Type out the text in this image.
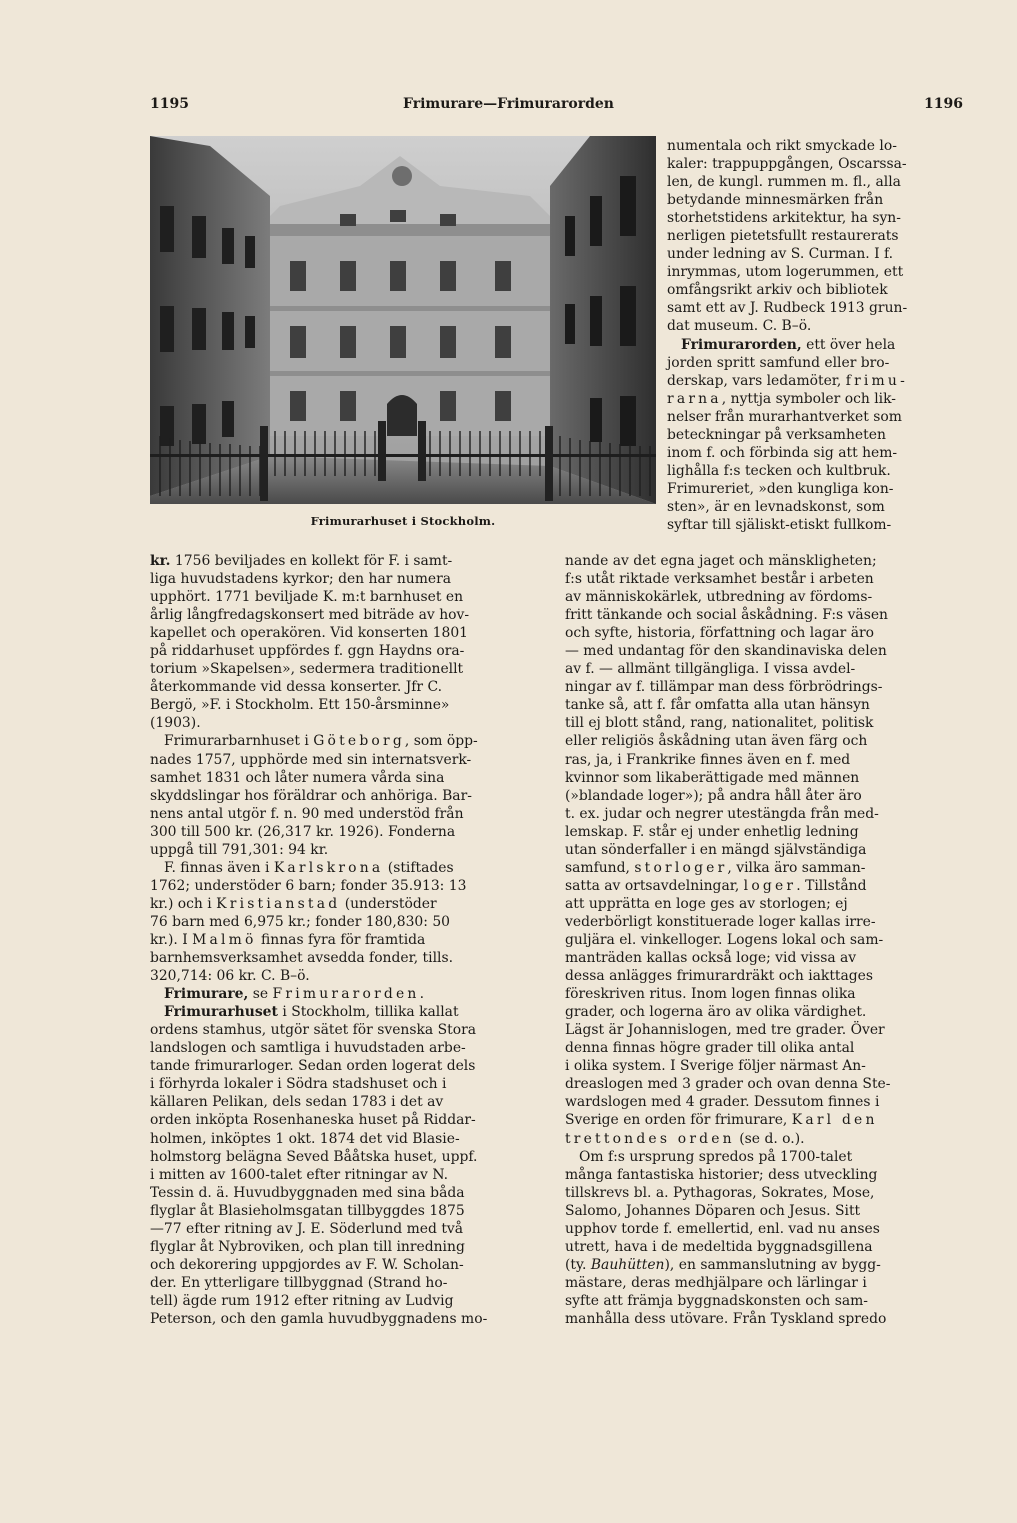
1195	Frimurare—Frimurarorden	1196
Frimurarhuset i Stockholm.

numentala och rikt smyckade lo-
kaler: trappuppgången, Oscarssa-
len, de kungl. rummen m. fl., alla
betydande minnesmärken från
storhetstidens arkitektur, ha syn-
nerligen pietetsfullt restaurerats
under ledning av S. Curman. I f.
inrymmas, utom logerummen, ett
omfångsrikt arkiv och bibliotek
samt ett av J. Rudbeck 1913 grun-
dat museum. C. B–ö.

Frimurarorden, ett över hela
jorden spritt samfund eller bro-
derskap, vars ledamöter, frimu-
rarna, nyttja symboler och lik-
nelser från murarhantverket som
beteckningar på verksamheten
inom f. och förbinda sig att hem-
lighålla f:s tecken och kultbruk.
Frimureriet, »den kungliga kon-
sten», är en levnadskonst, som
syftar till själiskt-etiskt fullkom-

kr. 1756 beviljades en kollekt för F. i samt-
liga huvudstadens kyrkor; den har numera
upphört. 1771 beviljade K. m:t barnhuset en
årlig långfredagskonsert med biträde av hov-
kapellet och operakören. Vid konserten 1801
på riddarhuset uppfördes f. ggn Haydns ora-
torium »Skapelsen», sedermera traditionellt
återkommande vid dessa konserter. Jfr C.
Bergö, »F. i Stockholm. Ett 150-årsminne»
(1903).

Frimurarbarnhuset i Göteborg, som öpp-
nades 1757, upphörde med sin internatsverk-
samhet 1831 och låter numera vårda sina
skyddslingar hos föräldrar och anhöriga. Bar-
nens antal utgör f. n. 90 med understöd från
300 till 500 kr. (26,317 kr. 1926). Fonderna
uppgå till 791,301: 94 kr.

F. finnas även i Karlskrona (stiftades
1762; understöder 6 barn; fonder 35.913: 13
kr.) och i Kristianstad (understöder
76 barn med 6,975 kr.; fonder 180,830: 50
kr.). I Malmö finnas fyra för framtida
barnhemsverksamhet avsedda fonder, tills.
320,714: 06 kr. C. B–ö.

Frimurare, se Frimurarorden.

Frimurarhuset i Stockholm, tillika kallat
ordens stamhus, utgör sätet för svenska Stora
landslogen och samtliga i huvudstaden arbe-
tande frimurarloger. Sedan orden logerat dels
i förhyrda lokaler i Södra stadshuset och i
källaren Pelikan, dels sedan 1783 i det av
orden inköpta Rosenhaneska huset på Riddar-
holmen, inköptes 1 okt. 1874 det vid Blasie-
holmstorg belägna Seved Bååtska huset, uppf.
i mitten av 1600-talet efter ritningar av N.
Tessin d. ä. Huvudbyggnaden med sina båda
flyglar åt Blasieholmsgatan tillbyggdes 1875
—77 efter ritning av J. E. Söderlund med två
flyglar åt Nybroviken, och plan till inredning
och dekorering uppgjordes av F. W. Scholan-
der. En ytterligare tillbyggnad (Strand ho-
tell) ägde rum 1912 efter ritning av Ludvig
Peterson, och den gamla huvudbyggnadens mo-

nande av det egna jaget och mänskligheten;
f:s utåt riktade verksamhet består i arbeten
av människokärlek, utbredning av fördoms-
fritt tänkande och social åskådning. F:s väsen
och syfte, historia, författning och lagar äro
— med undantag för den skandinaviska delen
av f. — allmänt tillgängliga. I vissa avdel-
ningar av f. tillämpar man dess förbrödrings-
tanke så, att f. får omfatta alla utan hänsyn
till ej blott stånd, rang, nationalitet, politisk
eller religiös åskådning utan även färg och
ras, ja, i Frankrike finnes även en f. med
kvinnor som likaberättigade med männen
(»blandade loger»); på andra håll åter äro
t. ex. judar och negrer utestängda från med-
lemskap. F. står ej under enhetlig ledning
utan sönderfaller i en mängd självständiga
samfund, storloger, vilka äro samman-
satta av ortsavdelningar, loger. Tillstånd
att upprätta en loge ges av storlogen; ej
vederbörligt konstituerade loger kallas irre-
guljära el. vinkelloger. Logens lokal och sam-
manträden kallas också loge; vid vissa av
dessa anlägges frimurardräkt och iakttages
föreskriven ritus. Inom logen finnas olika
grader, och logerna äro av olika värdighet.
Lägst är Johannislogen, med tre grader. Över
denna finnas högre grader till olika antal
i olika system. I Sverige följer närmast An-
dreaslogen med 3 grader och ovan denna Ste-
wardslogen med 4 grader. Dessutom finnes i
Sverige en orden för frimurare, Karl den
trettondes orden (se d. o.).

Om f:s ursprung spredos på 1700-talet
många fantastiska historier; dess utveckling
tillskrevs bl. a. Pythagoras, Sokrates, Mose,
Salomo, Johannes Döparen och Jesus. Sitt
upphov torde f. emellertid, enl. vad nu anses
utrett, hava i de medeltida byggnadsgillena
(ty. Bauhütten), en sammanslutning av bygg-
mästare, deras medhjälpare och lärlingar i
syfte att främja byggnadskonsten och sam-
manhålla dess utövare. Från Tyskland spredo
